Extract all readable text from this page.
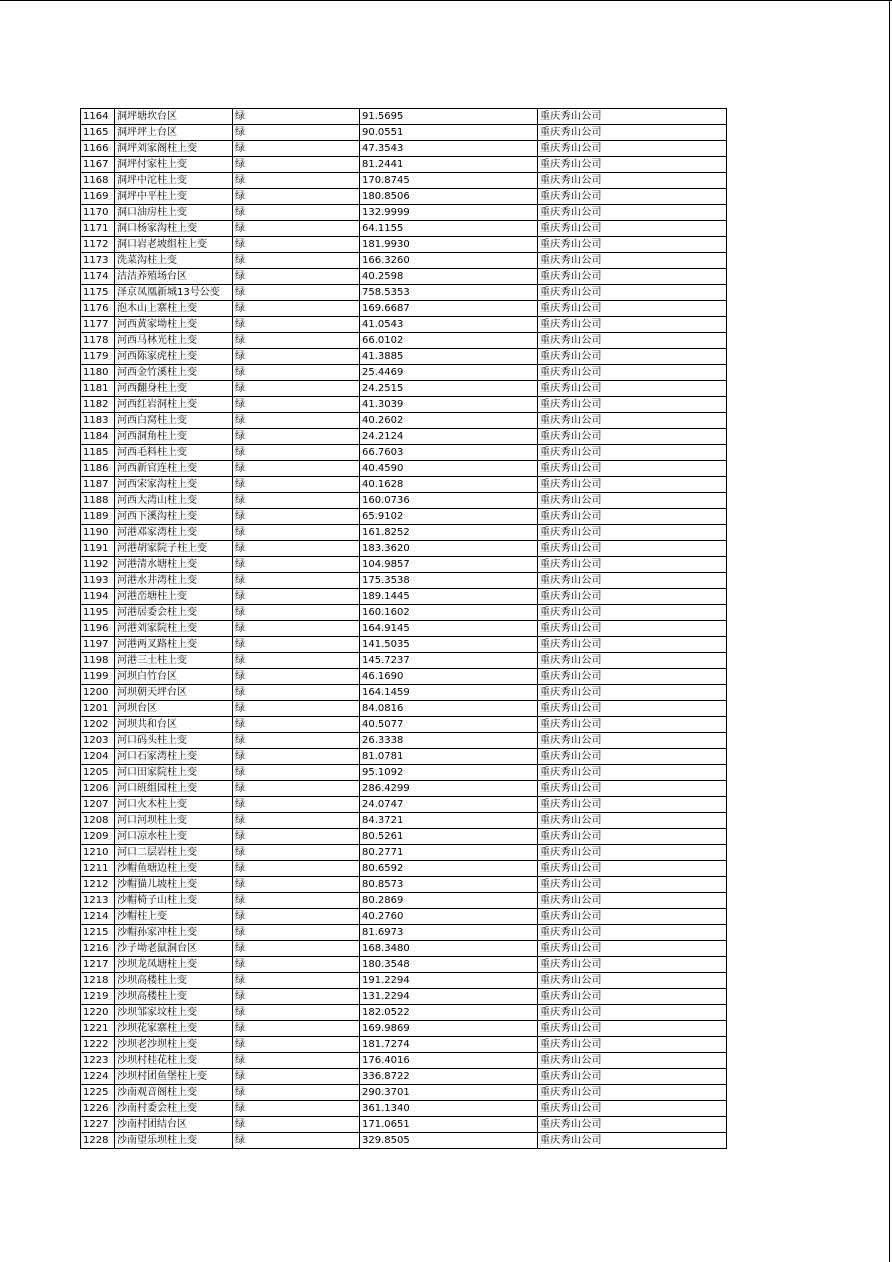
1164	洞坪塘坎台区	绿	91.5695	重庆秀山公司
1165	洞坪坪上台区	绿	90.0551	重庆秀山公司
1166	洞坪刘家阁柱上变	绿	47.3543	重庆秀山公司
1167	洞坪付家柱上变	绿	81.2441	重庆秀山公司
1168	洞坪中沱柱上变	绿	170.8745	重庆秀山公司
1169	洞坪中平柱上变	绿	180.8506	重庆秀山公司
1170	洞口油房柱上变	绿	132.9999	重庆秀山公司
1171	洞口杨家沟柱上变	绿	64.1155	重庆秀山公司
1172	洞口岩老坡组柱上变	绿	181.9930	重庆秀山公司
1173	洗菜沟柱上变	绿	166.3260	重庆秀山公司
1174	洁洁养殖场台区	绿	40.2598	重庆秀山公司
1175	泽京凤凰新城13号公变	绿	758.5353	重庆秀山公司
1176	泡木山上寨柱上变	绿	169.6687	重庆秀山公司
1177	河西黄家坳柱上变	绿	41.0543	重庆秀山公司
1178	河西马林光柱上变	绿	66.0102	重庆秀山公司
1179	河西陈家虎柱上变	绿	41.3885	重庆秀山公司
1180	河西金竹溪柱上变	绿	25.4469	重庆秀山公司
1181	河西翻身柱上变	绿	24.2515	重庆秀山公司
1182	河西红岩洞柱上变	绿	41.3039	重庆秀山公司
1183	河西白窝柱上变	绿	40.2602	重庆秀山公司
1184	河西洞角柱上变	绿	24.2124	重庆秀山公司
1185	河西毛料柱上变	绿	66.7603	重庆秀山公司
1186	河西新官连柱上变	绿	40.4590	重庆秀山公司
1187	河西宋家沟柱上变	绿	40.1628	重庆秀山公司
1188	河西大湾山柱上变	绿	160.0736	重庆秀山公司
1189	河西下溪沟柱上变	绿	65.9102	重庆秀山公司
1190	河港邓家湾柱上变	绿	161.8252	重庆秀山公司
1191	河港胡家院子柱上变	绿	183.3620	重庆秀山公司
1192	河港清水塘柱上变	绿	104.9857	重庆秀山公司
1193	河港水井湾柱上变	绿	175.3538	重庆秀山公司
1194	河港峦塘柱上变	绿	189.1445	重庆秀山公司
1195	河港居委会柱上变	绿	160.1602	重庆秀山公司
1196	河港刘家院柱上变	绿	164.9145	重庆秀山公司
1197	河港两叉路柱上变	绿	141.5035	重庆秀山公司
1198	河港三土柱上变	绿	145.7237	重庆秀山公司
1199	河坝白竹台区	绿	46.1690	重庆秀山公司
1200	河坝朝天坪台区	绿	164.1459	重庆秀山公司
1201	河坝台区	绿	84.0816	重庆秀山公司
1202	河坝共和台区	绿	40.5077	重庆秀山公司
1203	河口码头柱上变	绿	26.3338	重庆秀山公司
1204	河口石家湾柱上变	绿	81.0781	重庆秀山公司
1205	河口田家院柱上变	绿	95.1092	重庆秀山公司
1206	河口班组园柱上变	绿	286.4299	重庆秀山公司
1207	河口火木柱上变	绿	24.0747	重庆秀山公司
1208	河口河坝柱上变	绿	84.3721	重庆秀山公司
1209	河口凉水柱上变	绿	80.5261	重庆秀山公司
1210	河口二层岩柱上变	绿	80.2771	重庆秀山公司
1211	沙帽鱼塘边柱上变	绿	80.6592	重庆秀山公司
1212	沙帽猫儿坡柱上变	绿	80.8573	重庆秀山公司
1213	沙帽椅子山柱上变	绿	80.2869	重庆秀山公司
1214	沙帽柱上变	绿	40.2760	重庆秀山公司
1215	沙帽孙家冲柱上变	绿	81.6973	重庆秀山公司
1216	沙子坳老鼠洞台区	绿	168.3480	重庆秀山公司
1217	沙坝龙凤塘柱上变	绿	180.3548	重庆秀山公司
1218	沙坝高楼柱上变	绿	191.2294	重庆秀山公司
1219	沙坝高楼柱上变	绿	131.2294	重庆秀山公司
1220	沙坝邹家坟柱上变	绿	182.0522	重庆秀山公司
1221	沙坝花家寨柱上变	绿	169.9869	重庆秀山公司
1222	沙坝老沙坝柱上变	绿	181.7274	重庆秀山公司
1223	沙坝村桂花柱上变	绿	176.4016	重庆秀山公司
1224	沙坝村团鱼堡柱上变	绿	336.8722	重庆秀山公司
1225	沙南观音阁柱上变	绿	290.3701	重庆秀山公司
1226	沙南村委会柱上变	绿	361.1340	重庆秀山公司
1227	沙南村团结台区	绿	171.0651	重庆秀山公司
1228	沙南望乐坝柱上变	绿	329.8505	重庆秀山公司
